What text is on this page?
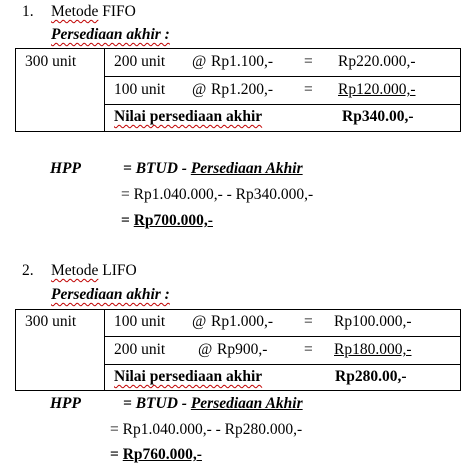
1. Metode FIFO
Persediaan akhir :
300 unit 200 unit @ Rp1.100,- = Rp220.000,-
100 unit @ Rp1.200,- = Rp120.000,-
Nilai persediaan akhir	Rp340.00,-
HPP	= BTUD - Persediaan Akhir
= Rp1.040.000,- - Rp340.000,-
= Rp700.000,-
2. Metode LIFO
Persediaan akhir :
300 unit 100 unit @ Rp1.000,- = Rp100.000,-
200 unit @ Rp900,- = Rp180.000,-
Nilai persediaan akhir	Rp280.00,-
HPP	= BTUD - Persediaan Akhir
= Rp1.040.000,- - Rp280.000,-
= Rp760.000,-
